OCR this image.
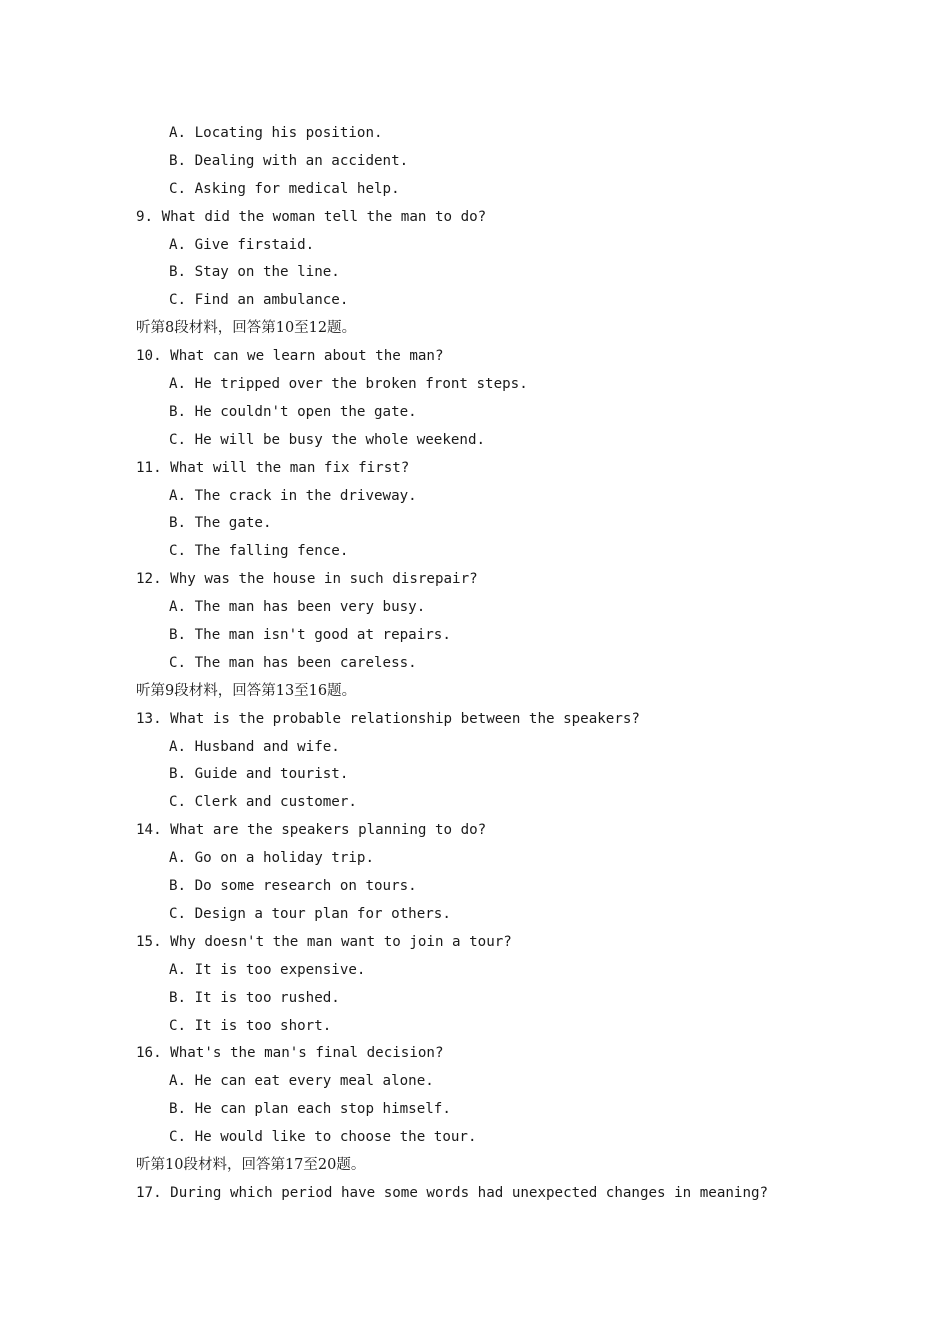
A. Locating his position.
B. Dealing with an accident.
C. Asking for medical help.
9. What did the woman tell the man to do?
A. Give firstaid.
B. Stay on the line.
C. Find an ambulance.
听第8段材料，回答第10至12题。
10. What can we learn about the man?
A. He tripped over the broken front steps.
B. He couldn't open the gate.
C. He will be busy the whole weekend.
11. What will the man fix first?
A. The crack in the driveway.
B. The gate.
C. The falling fence.
12. Why was the house in such disrepair?
A. The man has been very busy.
B. The man isn't good at repairs.
C. The man has been careless.
听第9段材料，回答第13至16题。
13. What is the probable relationship between the speakers?
A. Husband and wife.
B. Guide and tourist.
C. Clerk and customer.
14. What are the speakers planning to do?
A. Go on a holiday trip.
B. Do some research on tours.
C. Design a tour plan for others.
15. Why doesn't the man want to join a tour?
A. It is too expensive.
B. It is too rushed.
C. It is too short.
16. What's the man's final decision?
A. He can eat every meal alone.
B. He can plan each stop himself.
C. He would like to choose the tour.
听第10段材料，回答第17至20题。
17. During which period have some words had unexpected changes in meaning?
